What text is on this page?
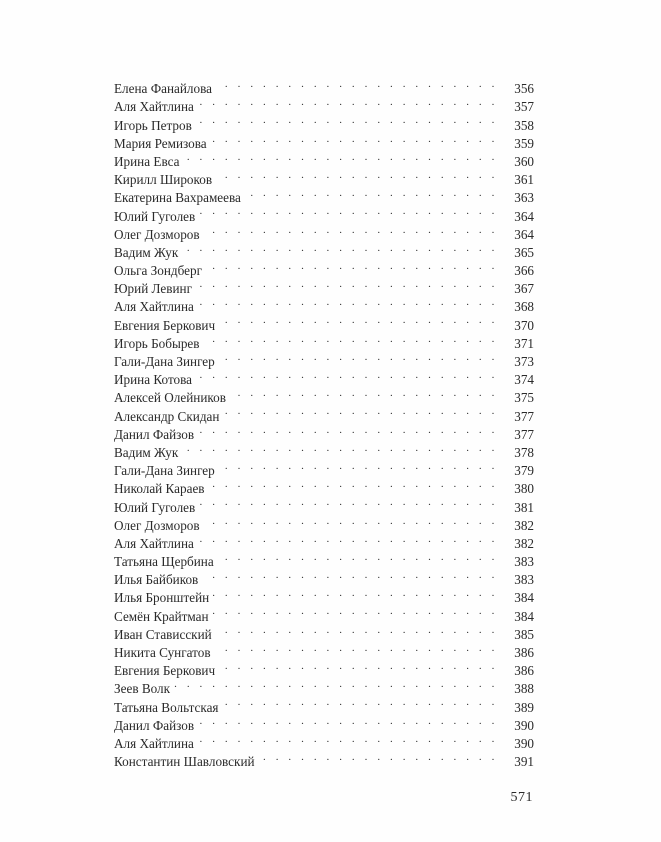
Елена Фанайлова . . .	356
Аля Хайтлина . . .	357
Игорь Петров . . .	358
Мария Ремизова . . .	359
Ирина Евса . . .	360
Кирилл Широков . . .	361
Екатерина Вахрамеева . . .	363
Юлий Гуголев . . .	364
Олег Дозморов . . .	364
Вадим Жук . . .	365
Ольга Зондберг . . .	366
Юрий Левинг . . .	367
Аля Хайтлина . . .	368
Евгения Беркович . . .	370
Игорь Бобырев . . .	371
Гали-Дана Зингер . . .	373
Ирина Котова . . .	374
Алексей Олейников . . .	375
Александр Скидан . . .	377
Данил Файзов . . .	377
Вадим Жук . . .	378
Гали-Дана Зингер . . .	379
Николай Караев . . .	380
Юлий Гуголев . . .	381
Олег Дозморов . . .	382
Аля Хайтлина . . .	382
Татьяна Щербина . . .	383
Илья Байбиков . . .	383
Илья Бронштейн . . .	384
Семён Крайтман . . .	384
Иван Стависский . . .	385
Никита Сунгатов . . .	386
Евгения Беркович . . .	386
Зеев Волк . . .	388
Татьяна Вольтская . . .	389
Данил Файзов . . .	390
Аля Хайтлина . . .	390
Константин Шавловский . . .	391
571
